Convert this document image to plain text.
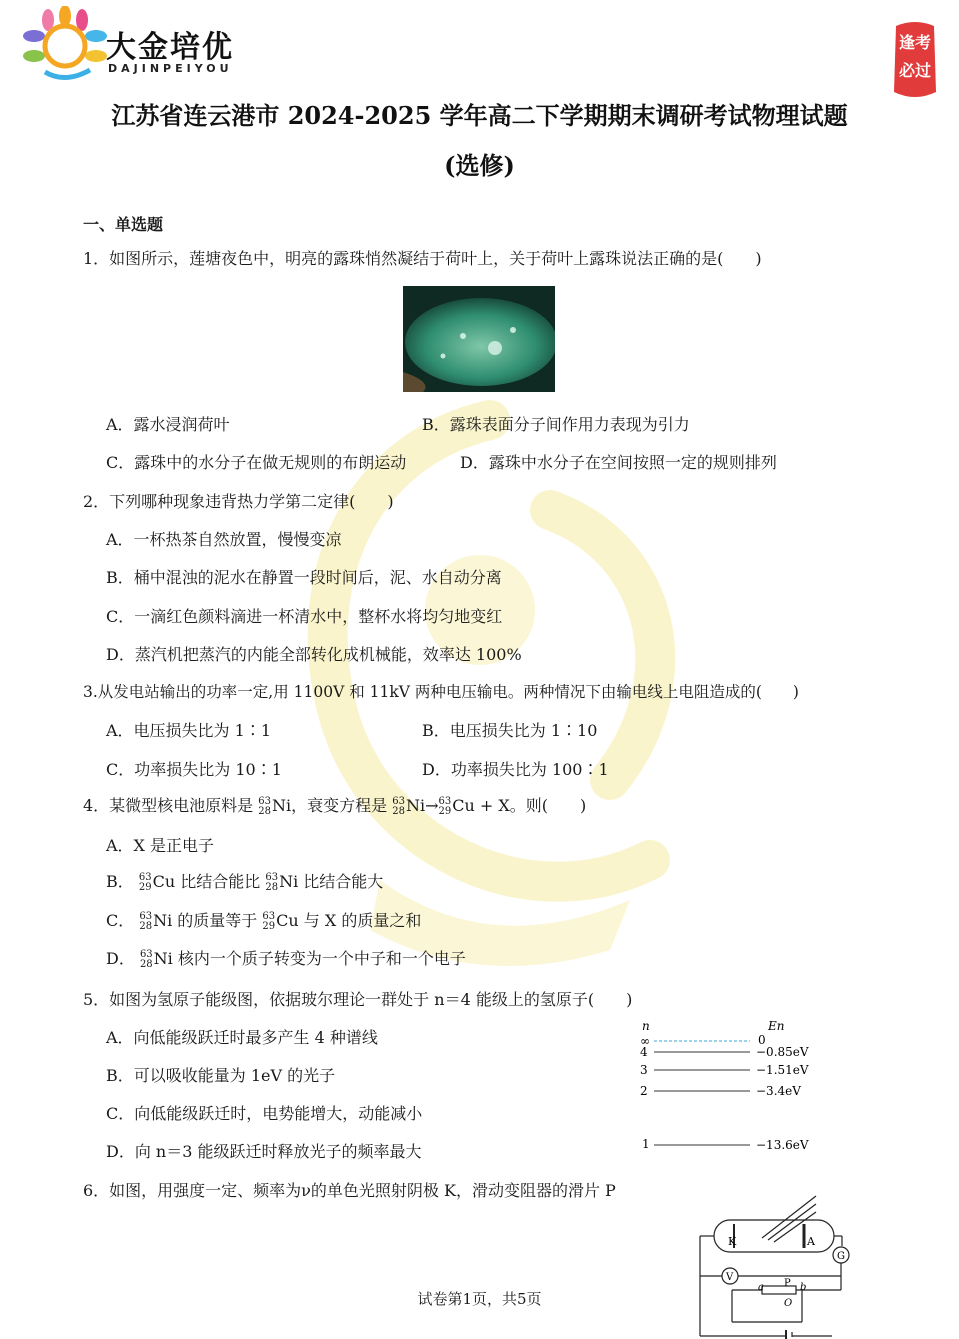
大金培优
DAJINPEIYOU
逢考
必过
江苏省连云港市 2024-2025 学年高二下学期期末调研考试物理试题
(选修)
一、单选题
1．如图所示，莲塘夜色中，明亮的露珠悄然凝结于荷叶上，关于荷叶上露珠说法正确的是(　　)
A．露水浸润荷叶	B．露珠表面分子间作用力表现为引力
C．露珠中的水分子在做无规则的布朗运动	D．露珠中水分子在空间按照一定的规则排列
2．下列哪种现象违背热力学第二定律(　　)
A．一杯热茶自然放置，慢慢变凉
B．桶中混浊的泥水在静置一段时间后，泥、水自动分离
C．一滴红色颜料滴进一杯清水中，整杯水将均匀地变红
D．蒸汽机把蒸汽的内能全部转化成机械能，效率达 100%
3.从发电站输出的功率一定,用 1100V 和 11kV 两种电压输电。两种情况下由输电线上电阻造成的(　　)
A．电压损失比为 1∶1	B．电压损失比为 1∶10
C．功率损失比为 10∶1	D．功率损失比为 100∶1
4．某微型核电池原料是 63
28 Ni，衰变方程是 63
28 Ni→ 63
29 Cu + X。则(　　)
A．X 是正电子
B． 63
29 Cu 比结合能比 63
28 Ni 比结合能大
C． 63
28 Ni 的质量等于 63
29 Cu 与 X 的质量之和
D． 63
28 Ni 核内一个质子转变为一个中子和一个电子
5．如图为氢原子能级图，依据玻尔理论一群处于 n＝4 能级上的氢原子(　　)
A．向低能级跃迁时最多产生 4 种谱线
B．可以吸收能量为 1eV 的光子
C．向低能级跃迁时，电势能增大，动能减小
D．向 n＝3 能级跃迁时释放光子的频率最大
n	En
∞
4
3
2
1
0
−0.85eV
−1.51eV
−3.4eV
−13.6eV
6．如图，用强度一定、频率为ν的单色光照射阴极 K，滑动变阻器的滑片 P
K	A
G
V
a P b
O
试卷第1页，共5页
